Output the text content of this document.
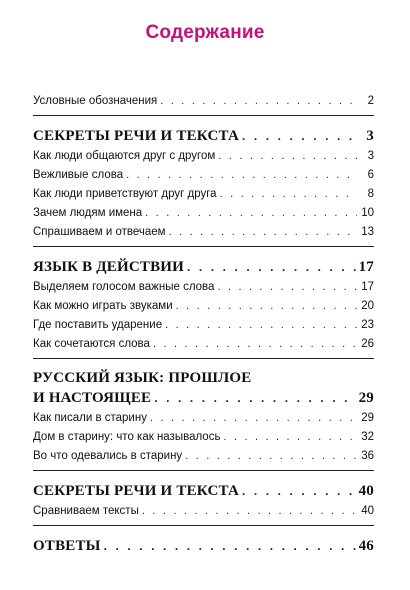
Содержание
Условные обозначения . . .	2
СЕКРЕТЫ РЕЧИ И ТЕКСТА . . .	3
Как люди общаются друг с другом . . .	3
Вежливые слова . . .	6
Как люди приветствуют друг друга . . .	8
Зачем людям имена . . .	10
Спрашиваем и отвечаем . . .	13
ЯЗЫК В ДЕЙСТВИИ . . .	17
Выделяем голосом важные слова . . .	17
Как можно играть звуками . . .	20
Где поставить ударение . . .	23
Как сочетаются слова . . .	26
РУССКИЙ ЯЗЫК: ПРОШЛОЕ
И НАСТОЯЩЕЕ . . .	29
Как писали в старину . . .	29
Дом в старину: что как называлось . . .	32
Во что одевались в старину . . .	36
СЕКРЕТЫ РЕЧИ И ТЕКСТА . . .	40
Сравниваем тексты . . .	40
ОТВЕТЫ . . .	46
